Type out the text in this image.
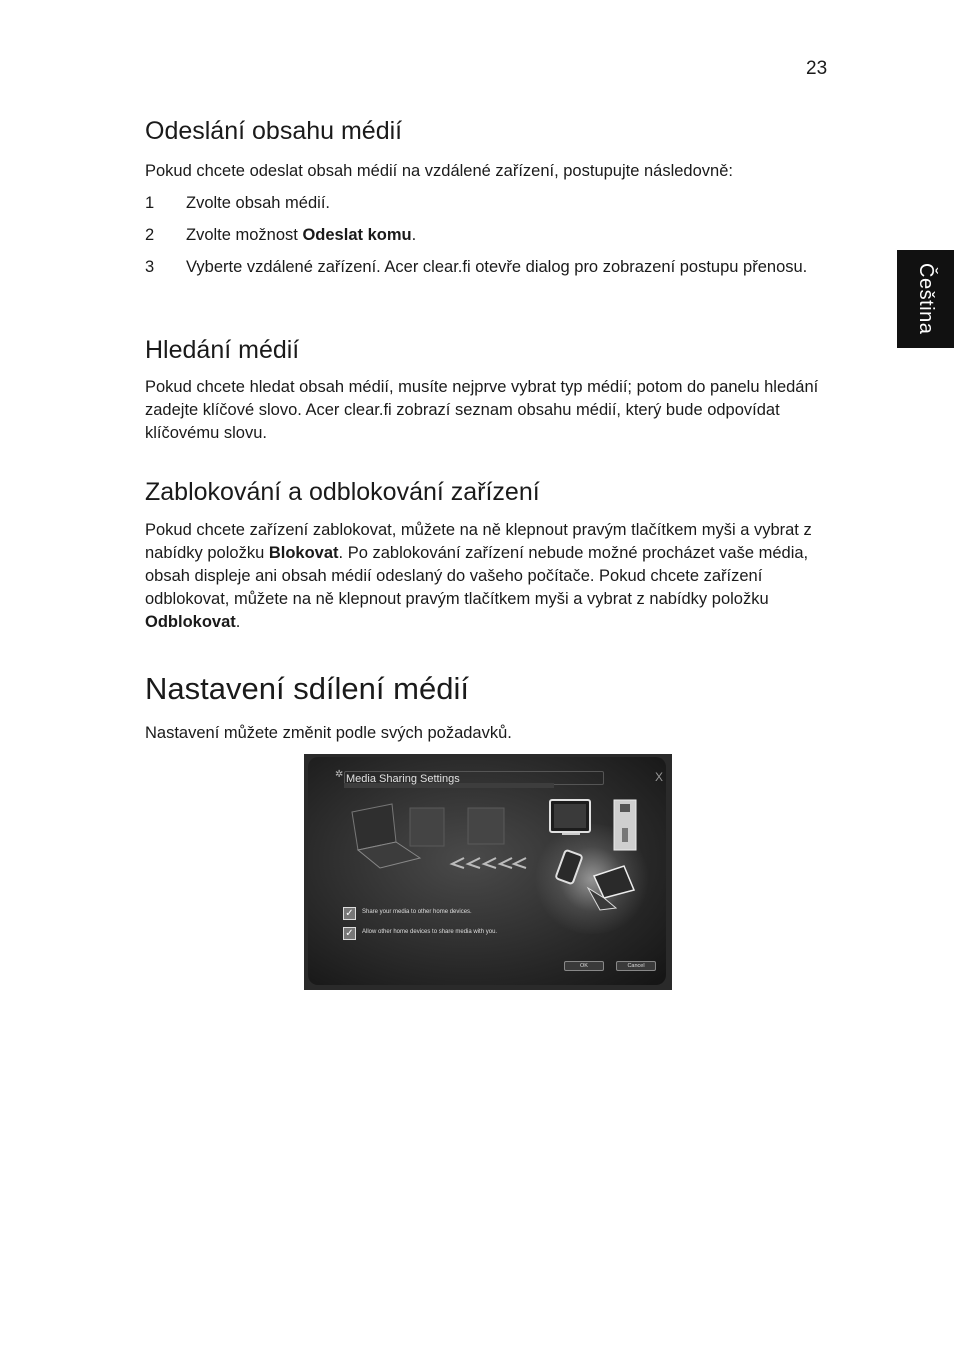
23
Čeština
Odeslání obsahu médií

Pokud chcete odeslat obsah médií na vzdálené zařízení, postupujte následovně:

1 Zvolte obsah médií.
2 Zvolte možnost Odeslat komu.
3 Vyberte vzdálené zařízení. Acer clear.fi otevře dialog pro zobrazení postupu přenosu.
Hledání médií

Pokud chcete hledat obsah médií, musíte nejprve vybrat typ médií; potom do panelu hledání zadejte klíčové slovo. Acer clear.fi zobrazí seznam obsahu médií, který bude odpovídat klíčovému slovu.

Zablokování a odblokování zařízení

Pokud chcete zařízení zablokovat, můžete na ně klepnout pravým tlačítkem myši a vybrat z nabídky položku Blokovat. Po zablokování zařízení nebude možné procházet vaše média, obsah displeje ani obsah médií odeslaný do vašeho počítače. Pokud chcete zařízení odblokovat, můžete na ně klepnout pravým tlačítkem myši a vybrat z nabídky položku Odblokovat.

Nastavení sdílení médií

Nastavení můžete změnit podle svých požadavků.

✲ Media Sharing Settings	X
✓	Share your media to other home devices.
✓	Allow other home devices to share media with you.
OK	Cancel
